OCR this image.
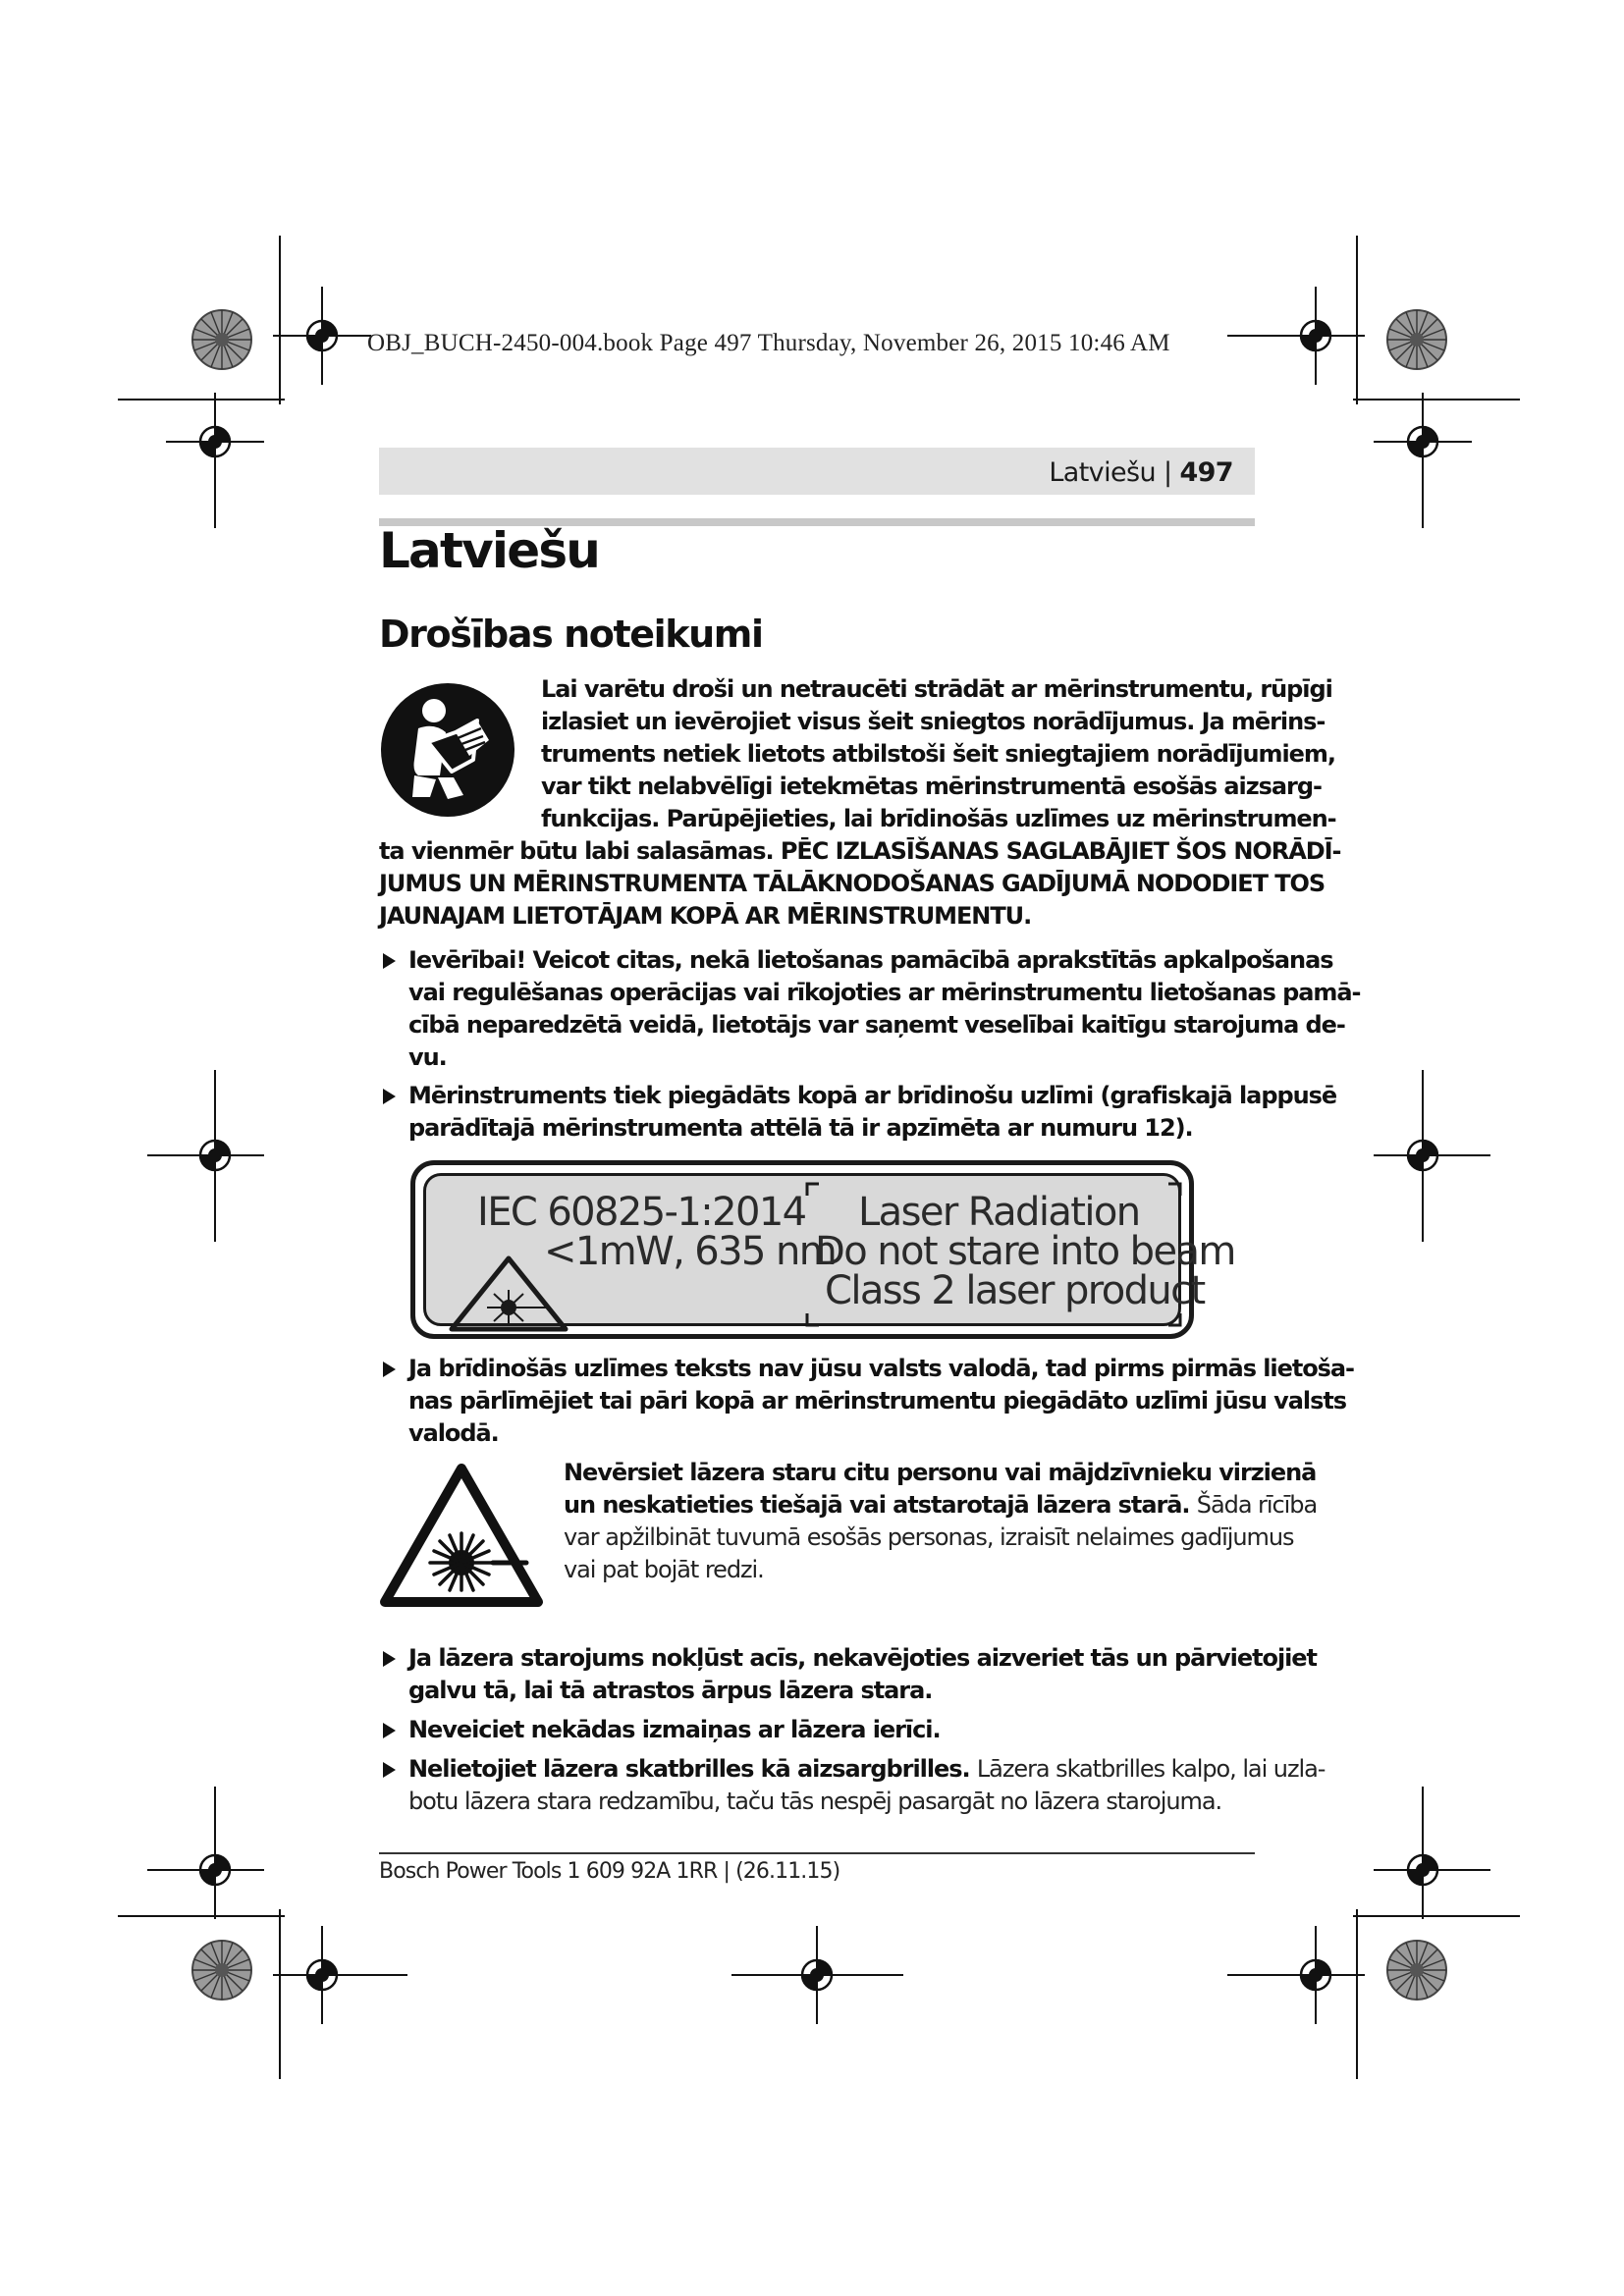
OBJ_BUCH-2450-004.book Page 497 Thursday, November 26, 2015 10:46 AM
Latviešu | 497
Latviešu
Drošības noteikumi
Lai varētu droši un netraucēti strādāt ar mērinstrumentu, rūpīgi
izlasiet un ievērojiet visus šeit sniegtos norādījumus. Ja mērins-
truments netiek lietots atbilstoši šeit sniegtajiem norādījumiem,
var tikt nelabvēlīgi ietekmētas mērinstrumentā esošās aizsarg-
funkcijas. Parūpējieties, lai brīdinošās uzlīmes uz mērinstrumen-
ta vienmēr būtu labi salasāmas. PĒC IZLASĪŠANAS SAGLABĀJIET ŠOS NORĀDĪ-
JUMUS UN MĒRINSTRUMENTA TĀLĀKNODOŠANAS GADĪJUMĀ NODODIET TOS
JAUNAJAM LIETOTĀJAM KOPĀ AR MĒRINSTRUMENTU.
Ievērībai! Veicot citas, nekā lietošanas pamācībā aprakstītās apkalpošanas
vai regulēšanas operācijas vai rīkojoties ar mērinstrumentu lietošanas pamā-
cībā neparedzētā veidā, lietotājs var saņemt veselībai kaitīgu starojuma de-
vu.
Mērinstruments tiek piegādāts kopā ar brīdinošu uzlīmi (grafiskajā lappusē
parādītajā mērinstrumenta attēlā tā ir apzīmēta ar numuru 12).
IEC 60825-1:2014
<1mW, 635 nm
Laser Radiation
Do not stare into beam
Class 2 laser product
Ja brīdinošās uzlīmes teksts nav jūsu valsts valodā, tad pirms pirmās lietoša-
nas pārlīmējiet tai pāri kopā ar mērinstrumentu piegādāto uzlīmi jūsu valsts
valodā.
Nevērsiet lāzera staru citu personu vai mājdzīvnieku virzienā
un neskatieties tiešajā vai atstarotajā lāzera starā. Šāda rīcība
var apžilbināt tuvumā esošās personas, izraisīt nelaimes gadījumus
vai pat bojāt redzi.
Ja lāzera starojums nokļūst acīs, nekavējoties aizveriet tās un pārvietojiet
galvu tā, lai tā atrastos ārpus lāzera stara.
Neveiciet nekādas izmaiņas ar lāzera ierīci.
Nelietojiet lāzera skatbrilles kā aizsargbrilles. Lāzera skatbrilles kalpo, lai uzla-
botu lāzera stara redzamību, taču tās nespēj pasargāt no lāzera starojuma.
Bosch Power Tools 1 609 92A 1RR | (26.11.15)
